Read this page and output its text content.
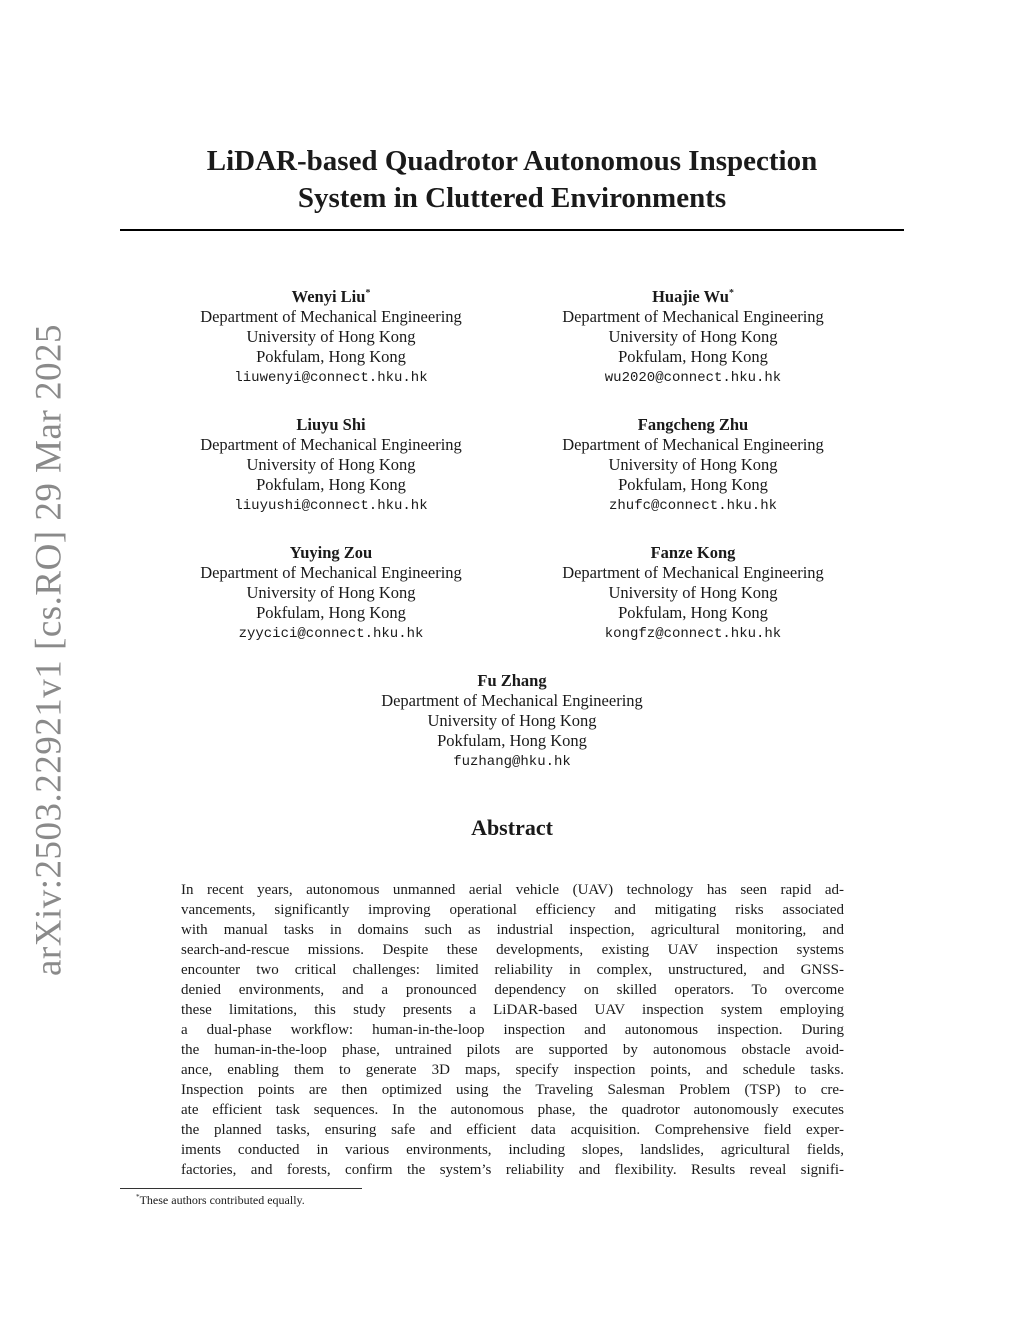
arXiv:2503.22921v1 [cs.RO] 29 Mar 2025
LiDAR-based Quadrotor Autonomous Inspection
System in Cluttered Environments
Wenyi Liu*
Department of Mechanical Engineering
University of Hong Kong
Pokfulam, Hong Kong
liuwenyi@connect.hku.hk
Huajie Wu*
Department of Mechanical Engineering
University of Hong Kong
Pokfulam, Hong Kong
wu2020@connect.hku.hk
Liuyu Shi
Department of Mechanical Engineering
University of Hong Kong
Pokfulam, Hong Kong
liuyushi@connect.hku.hk
Fangcheng Zhu
Department of Mechanical Engineering
University of Hong Kong
Pokfulam, Hong Kong
zhufc@connect.hku.hk
Yuying Zou
Department of Mechanical Engineering
University of Hong Kong
Pokfulam, Hong Kong
zyycici@connect.hku.hk
Fanze Kong
Department of Mechanical Engineering
University of Hong Kong
Pokfulam, Hong Kong
kongfz@connect.hku.hk
Fu Zhang
Department of Mechanical Engineering
University of Hong Kong
Pokfulam, Hong Kong
fuzhang@hku.hk
Abstract
In recent years, autonomous unmanned aerial vehicle (UAV) technology has seen rapid ad-
vancements, significantly improving operational efficiency and mitigating risks associated
with manual tasks in domains such as industrial inspection, agricultural monitoring, and
search-and-rescue missions. Despite these developments, existing UAV inspection systems
encounter two critical challenges: limited reliability in complex, unstructured, and GNSS-
denied environments, and a pronounced dependency on skilled operators. To overcome
these limitations, this study presents a LiDAR-based UAV inspection system employing
a dual-phase workflow: human-in-the-loop inspection and autonomous inspection. During
the human-in-the-loop phase, untrained pilots are supported by autonomous obstacle avoid-
ance, enabling them to generate 3D maps, specify inspection points, and schedule tasks.
Inspection points are then optimized using the Traveling Salesman Problem (TSP) to cre-
ate efficient task sequences. In the autonomous phase, the quadrotor autonomously executes
the planned tasks, ensuring safe and efficient data acquisition. Comprehensive field exper-
iments conducted in various environments, including slopes, landslides, agricultural fields,
factories, and forests, confirm the system’s reliability and flexibility. Results reveal signifi-
*These authors contributed equally.
